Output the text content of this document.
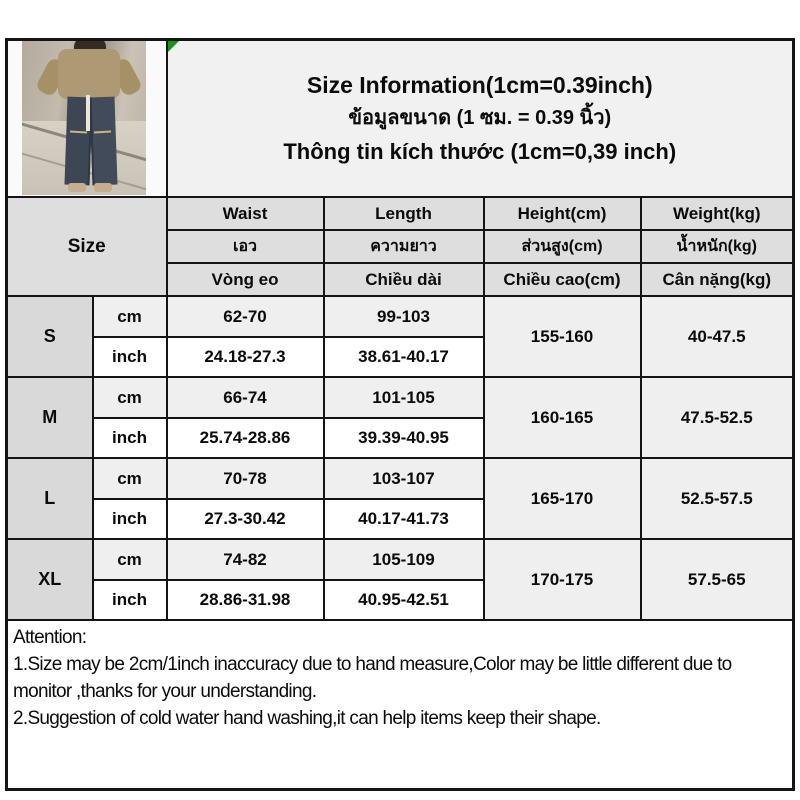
		Size Information(1cm=0.39inch)
ข้อมูลขนาด (1 ซม. = 0.39 นิ้ว)
Thông tin kích thước (1cm=0,39 inch)			

Size		Waist	Length	Height(cm)	Weight(kg)
		เอว	ความยาว	ส่วนสูง(cm)	น้ำหนัก(kg)
		Vòng eo	Chiều dài	Chiều cao(cm)	Cân nặng(kg)
S	cm	62-70	99-103	155-160	40-47.5
	inch	24.18-27.3	38.61-40.17		
M	cm	66-74	101-105	160-165	47.5-52.5
	inch	25.74-28.86	39.39-40.95		
L	cm	70-78	103-107	165-170	52.5-57.5
	inch	27.3-30.42	40.17-41.73		
XL	cm	74-82	105-109	170-175	57.5-65
	inch	28.86-31.98	40.95-42.51		

Attention:
1.Size may be 2cm/1inch inaccuracy due to hand measure,Color may be little different due to monitor ,thanks for your understanding.
2.Suggestion of cold water hand washing,it can help items keep their shape.					
